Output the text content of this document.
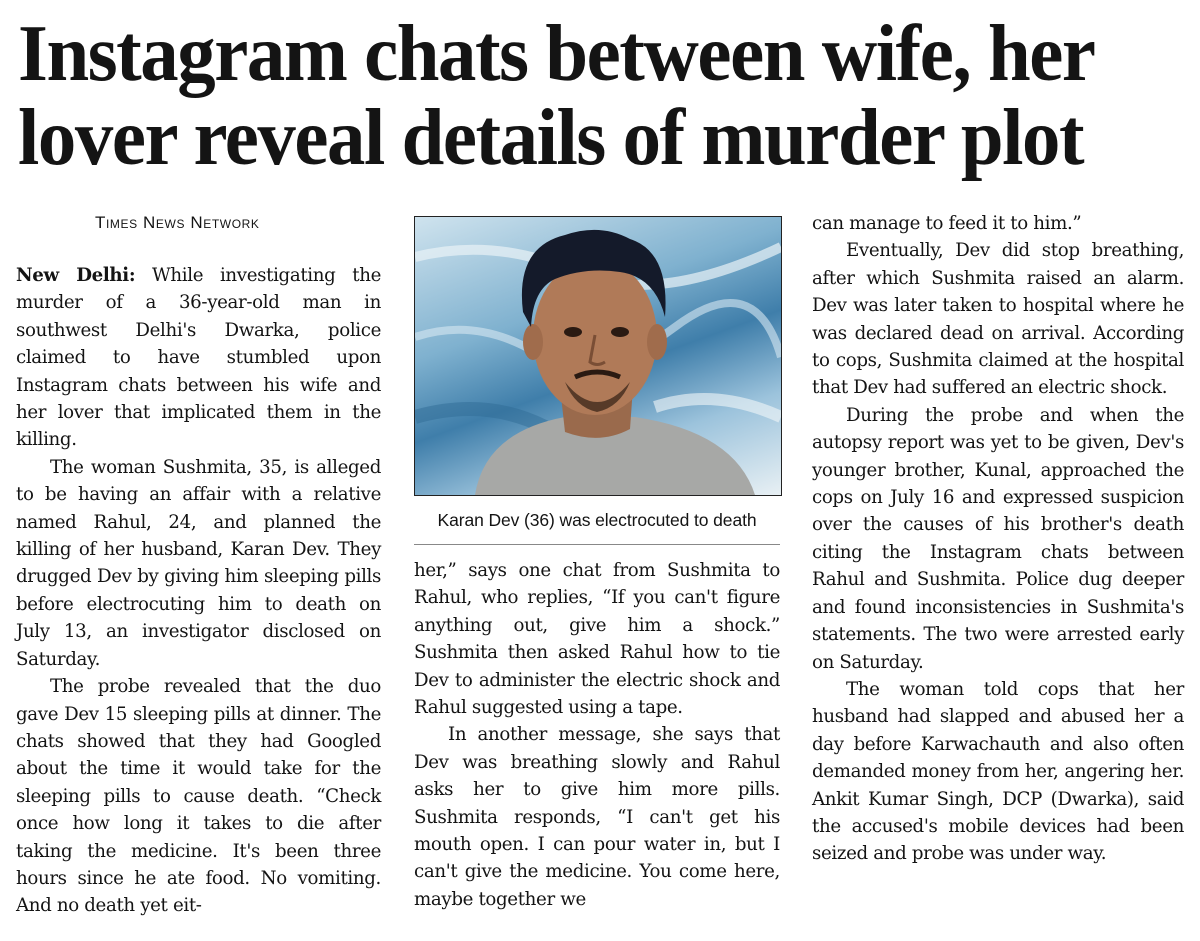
Instagram chats between wife, her lover reveal details of murder plot
Times News Network

New Delhi: While investigating the murder of a 36-year-old man in southwest Delhi's Dwarka, police claimed to have stumbled upon Instagram chats between his wife and her lover that implicated them in the killing.

The woman Sushmita, 35, is alleged to be having an affair with a relative named Rahul, 24, and planned the killing of her husband, Karan Dev. They drugged Dev by giving him sleeping pills before electrocuting him to death on July 13, an investigator disclosed on Saturday.

The probe revealed that the duo gave Dev 15 sleeping pills at dinner. The chats showed that they had Googled about the time it would take for the sleeping pills to cause death. “Check once how long it takes to die after taking the medicine. It's been three hours since he ate food. No vomiting. And no death yet eit-

Karan Dev (36) was electrocuted to death

her,” says one chat from Sushmita to Rahul, who replies, “If you can't figure anything out, give him a shock.” Sushmita then asked Rahul how to tie Dev to administer the electric shock and Rahul suggested using a tape.

In another message, she says that Dev was breathing slowly and Rahul asks her to give him more pills. Sushmita responds, “I can't get his mouth open. I can pour water in, but I can't give the medicine. You come here, maybe together we

can manage to feed it to him.”

Eventually, Dev did stop breathing, after which Sushmita raised an alarm. Dev was later taken to hospital where he was declared dead on arrival. According to cops, Sushmita claimed at the hospital that Dev had suffered an electric shock.

During the probe and when the autopsy report was yet to be given, Dev's younger brother, Kunal, approached the cops on July 16 and expressed suspicion over the causes of his brother's death citing the Instagram chats between Rahul and Sushmita. Police dug deeper and found inconsistencies in Sushmita's statements. The two were arrested early on Saturday.

The woman told cops that her husband had slapped and abused her a day before Karwachauth and also often demanded money from her, angering her. Ankit Kumar Singh, DCP (Dwarka), said the accused's mobile devices had been seized and probe was under way.
